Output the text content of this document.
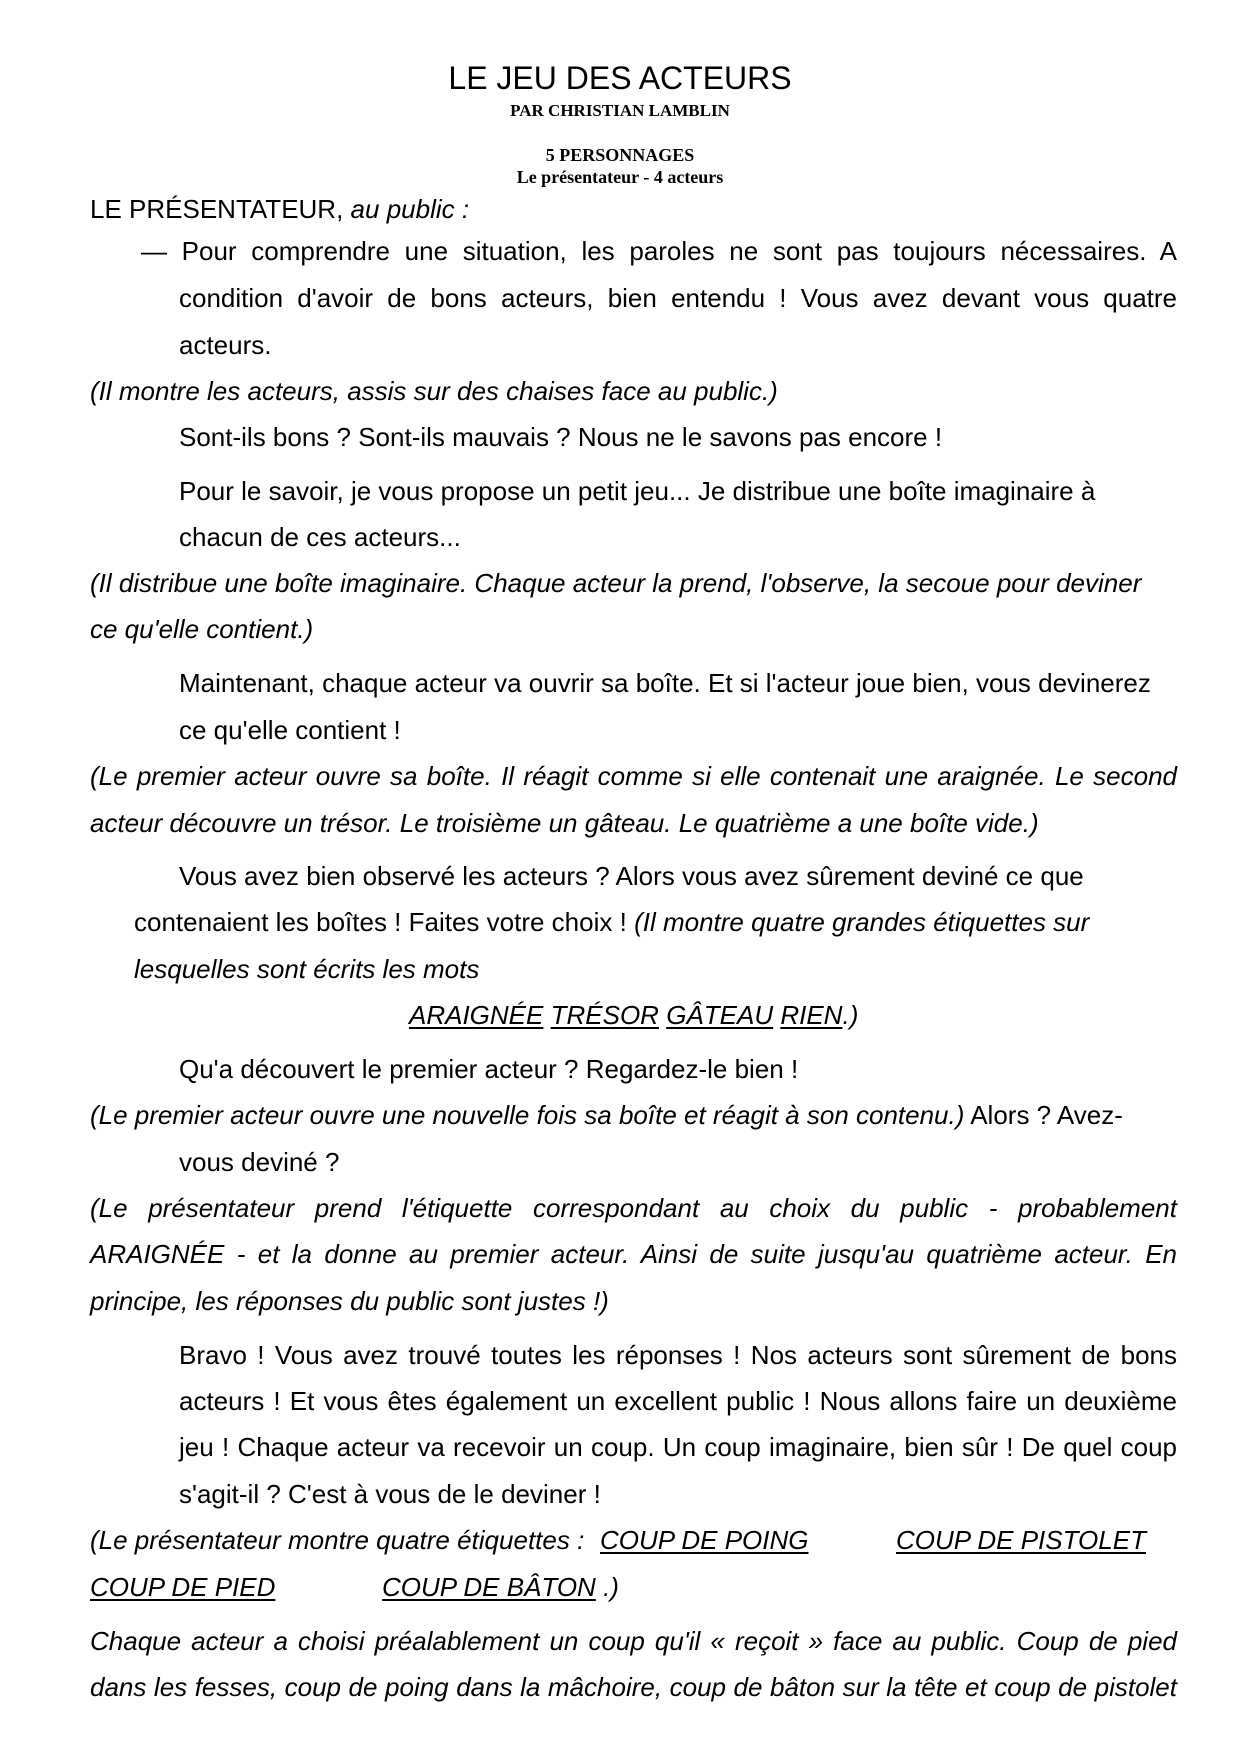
LE JEU DES ACTEURS
PAR CHRISTIAN LAMBLIN
5 PERSONNAGES
Le présentateur - 4 acteurs
LE PRÉSENTATEUR, au public :
— Pour comprendre une situation, les paroles ne sont pas toujours nécessaires. A
condition d'avoir de bons acteurs, bien entendu ! Vous avez devant vous quatre
acteurs.
(Il montre les acteurs, assis sur des chaises face au public.)
Sont-ils bons ? Sont-ils mauvais ? Nous ne le savons pas encore !
Pour le savoir, je vous propose un petit jeu... Je distribue une boîte imaginaire à
chacun de ces acteurs...
(Il distribue une boîte imaginaire. Chaque acteur la prend, l'observe, la secoue pour deviner
ce qu'elle contient.)
Maintenant, chaque acteur va ouvrir sa boîte. Et si l'acteur joue bien, vous devinerez
ce qu'elle contient !
(Le premier acteur ouvre sa boîte. Il réagit comme si elle contenait une araignée. Le second
acteur découvre un trésor. Le troisième un gâteau. Le quatrième a une boîte vide.)
Vous avez bien observé les acteurs ? Alors vous avez sûrement deviné ce que
contenaient les boîtes ! Faites votre choix ! (Il montre quatre grandes étiquettes sur
lesquelles sont écrits les mots
ARAIGNÉE TRÉSOR GÂTEAU RIEN.)
Qu'a découvert le premier acteur ? Regardez-le bien !
(Le premier acteur ouvre une nouvelle fois sa boîte et réagit à son contenu.) Alors ? Avez-
vous deviné ?
(Le présentateur prend l'étiquette correspondant au choix du public - probablement
ARAIGNÉE - et la donne au premier acteur. Ainsi de suite jusqu'au quatrième acteur. En
principe, les réponses du public sont justes !)
Bravo ! Vous avez trouvé toutes les réponses ! Nos acteurs sont sûrement de bons
acteurs ! Et vous êtes également un excellent public ! Nous allons faire un deuxième
jeu ! Chaque acteur va recevoir un coup. Un coup imaginaire, bien sûr ! De quel coup
s'agit-il ? C'est à vous de le deviner !
(Le présentateur montre quatre étiquettes : COUP DE POING	COUP DE PISTOLET
COUP DE PIED	COUP DE BÂTON .)
Chaque acteur a choisi préalablement un coup qu'il « reçoit » face au public. Coup de pied
dans les fesses, coup de poing dans la mâchoire, coup de bâton sur la tête et coup de pistolet
